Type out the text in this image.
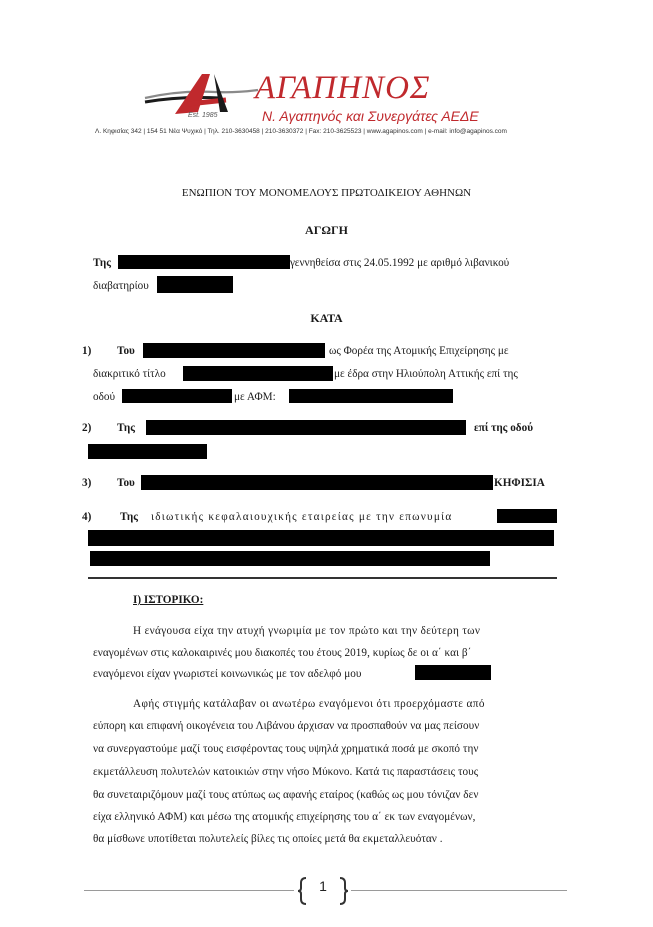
Est. 1985
ΑΓΑΠΗΝΟΣ
Ν. Αγαπηνός και Συνεργάτες ΑΕΔΕ
Λ. Κηφισίας 342 | 154 51 Νέα Ψυχικό | Τηλ. 210-3630458 | 210-3630372 | Fax: 210-3625523 | www.agapinos.com | e-mail: info@agapinos.com
ΕΝΩΠΙΟΝ ΤΟΥ ΜΟΝΟΜΕΛΟΥΣ ΠΡΩΤΟΔΙΚΕΙΟΥ ΑΘΗΝΩΝ
ΑΓΩΓΗ
Της	γεννηθείσα στις 24.05.1992 με αριθμό λιβανικού
διαβατηρίου
ΚΑΤΑ
1) Του	ως Φορέα της Ατομικής Επιχείρησης με
διακριτικό τίτλο	με έδρα στην Ηλιούπολη Αττικής επί της
οδού	με ΑΦΜ:
2) Της	επί της οδού
3) Του	ΚΗΦΙΣΙΑ
4)	Της ιδιωτικής κεφαλαιουχικής εταιρείας με την επωνυμία
Ι) ΙΣΤΟΡΙΚΟ:
Η ενάγουσα είχα την ατυχή γνωριμία με τον πρώτο και την δεύτερη των
εναγομένων στις καλοκαιρινές μου διακοπές του έτους 2019, κυρίως δε οι α΄ και β΄
εναγόμενοι είχαν γνωριστεί κοινωνικώς με τον αδελφό μου
Αφής στιγμής κατάλαβαν οι ανωτέρω εναγόμενοι ότι προερχόμαστε από
εύπορη και επιφανή οικογένεια του Λιβάνου άρχισαν να προσπαθούν να μας πείσουν
να συνεργαστούμε μαζί τους εισφέροντας τους υψηλά χρηματικά ποσά με σκοπό την
εκμετάλλευση πολυτελών κατοικιών στην νήσο Μύκονο. Κατά τις παραστάσεις τους
θα συνεταιριζόμουν μαζί τους ατύπως ως αφανής εταίρος (καθώς ως μου τόνιζαν δεν
είχα ελληνικό ΑΦΜ) και μέσω της ατομικής επιχείρησης του α΄ εκ των εναγομένων,
θα μίσθωνε υποτίθεται πολυτελείς βίλες τις οποίες μετά θα εκμεταλλευόταν .
1
